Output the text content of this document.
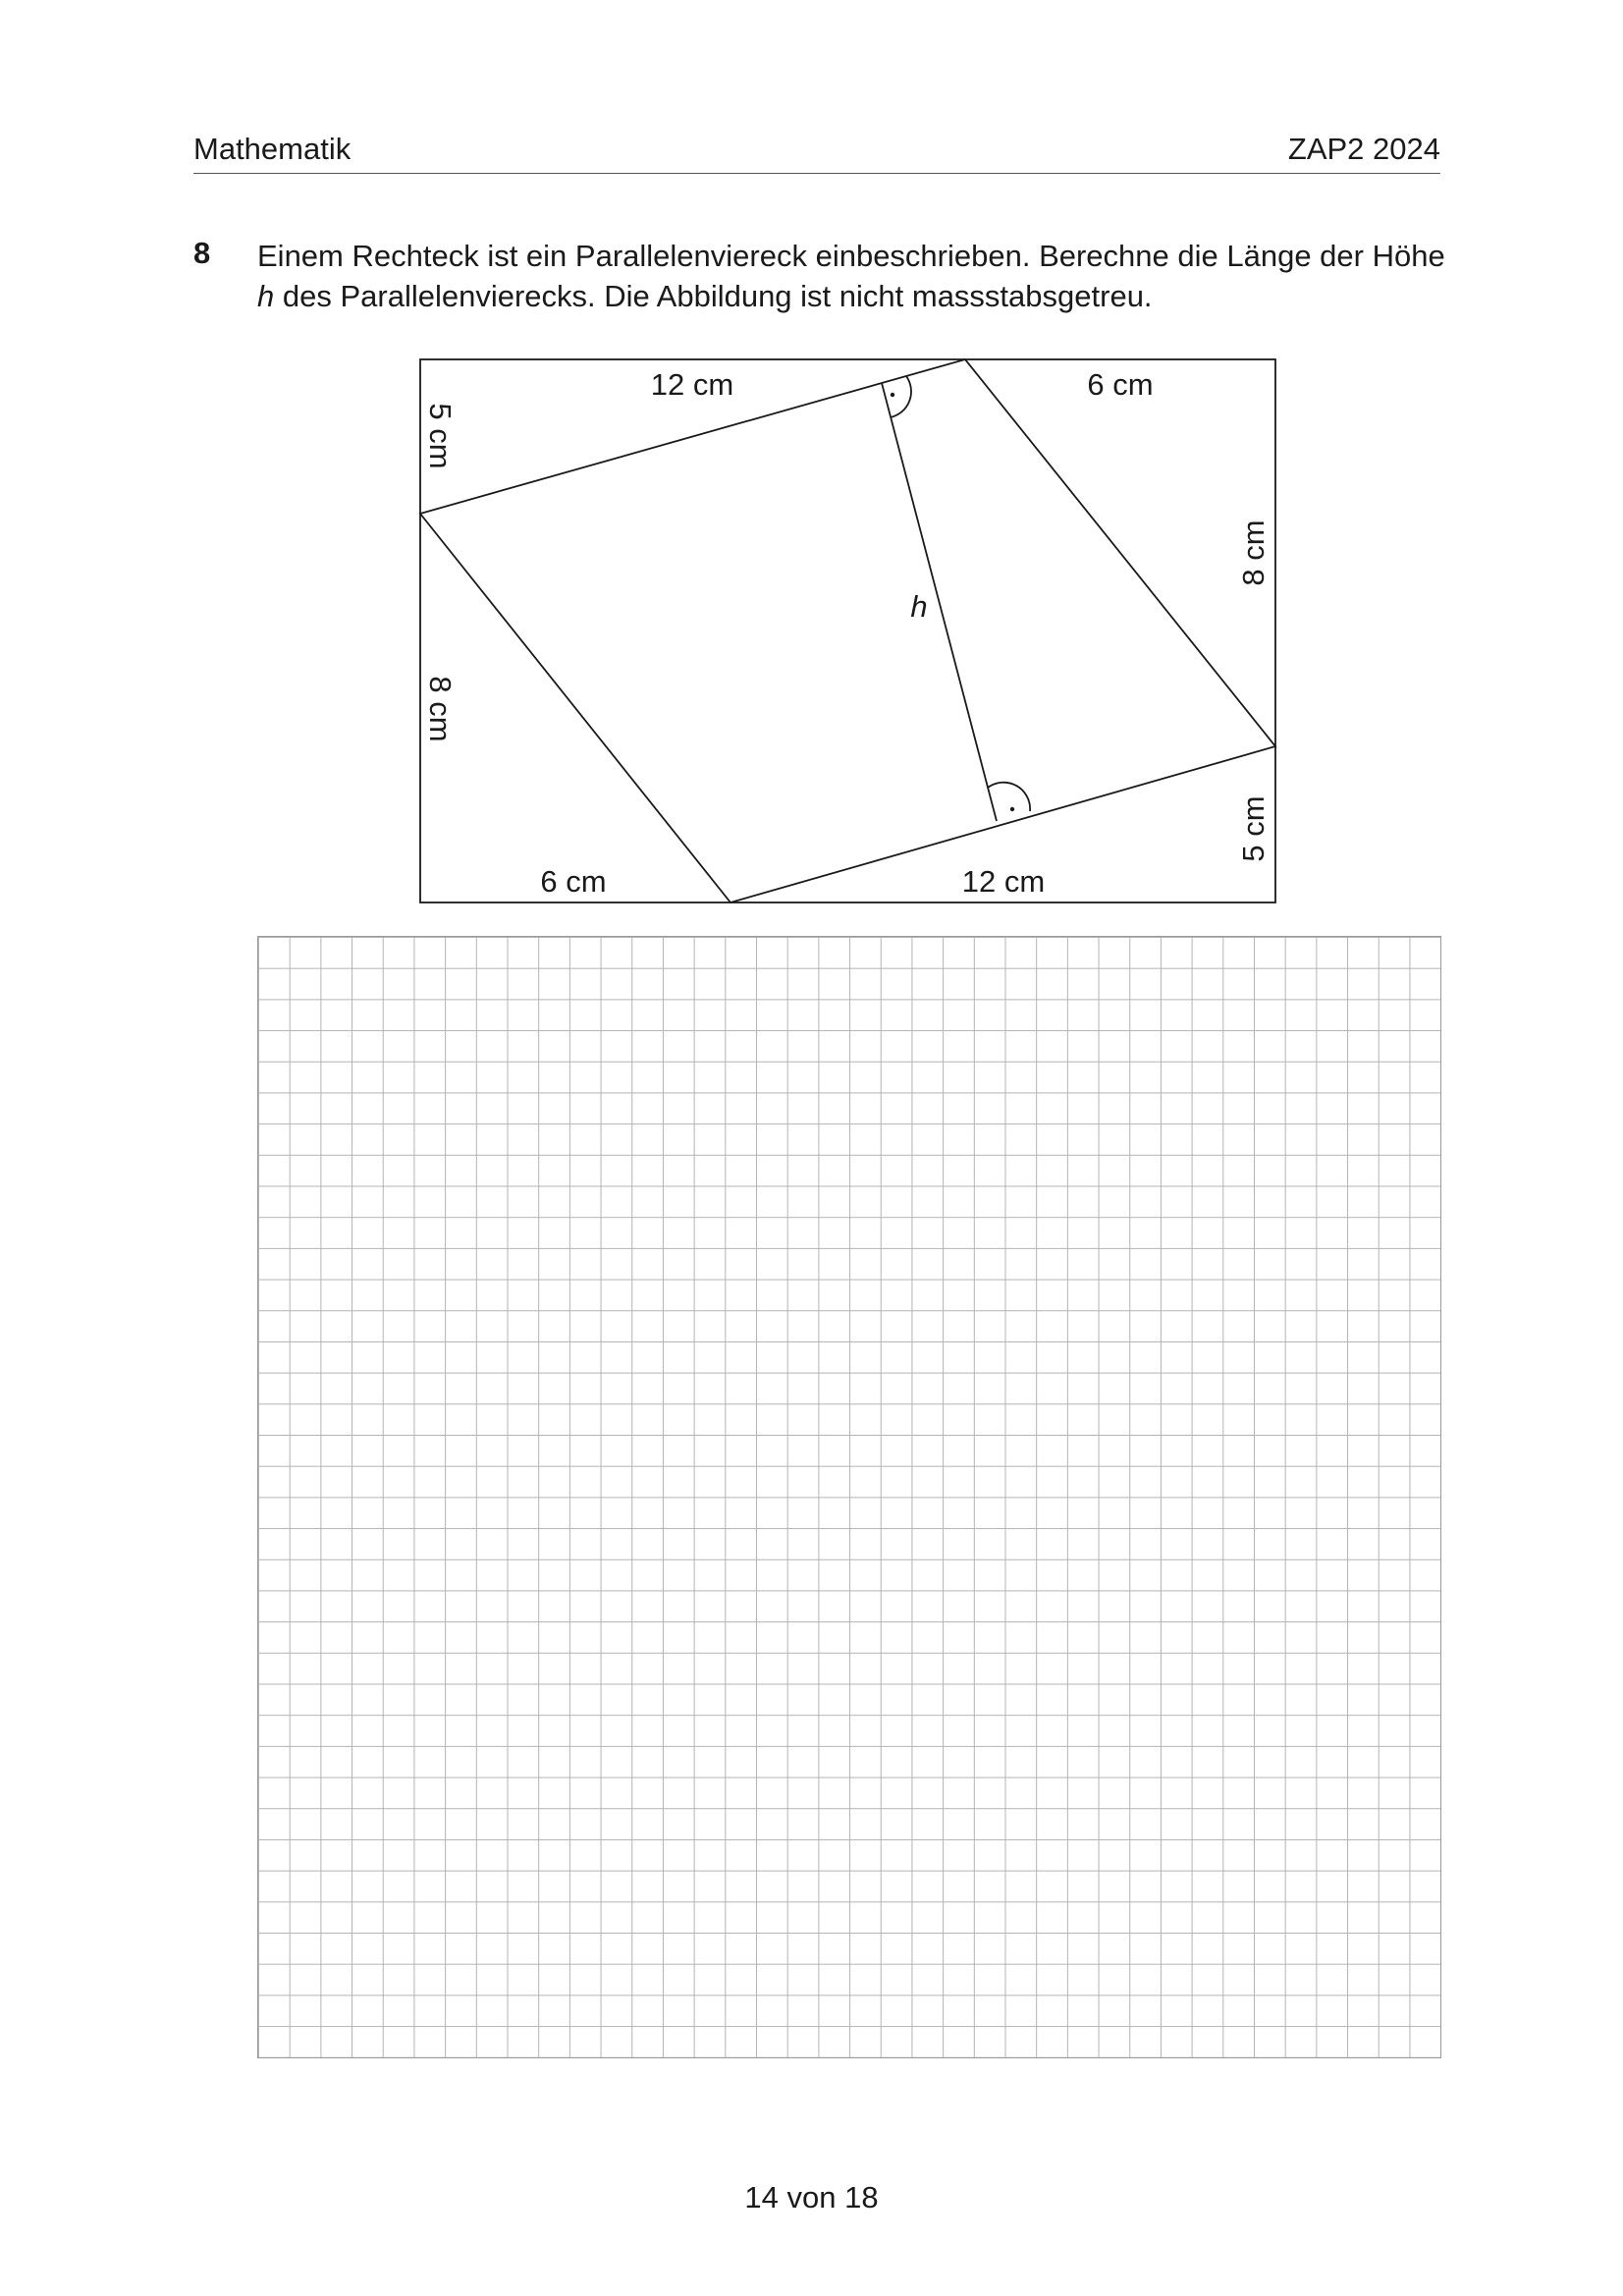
Mathematik	ZAP2 2024
8 Einem Rechteck ist ein Parallelenviereck einbeschrieben. Berechne die Länge der Höhe h des Parallelenvierecks. Die Abbildung ist nicht massstabsgetreu.
12 cm	6 cm
6 cm	12 cm
h
5 cm
8 cm
8 cm
5 cm
14 von 18
